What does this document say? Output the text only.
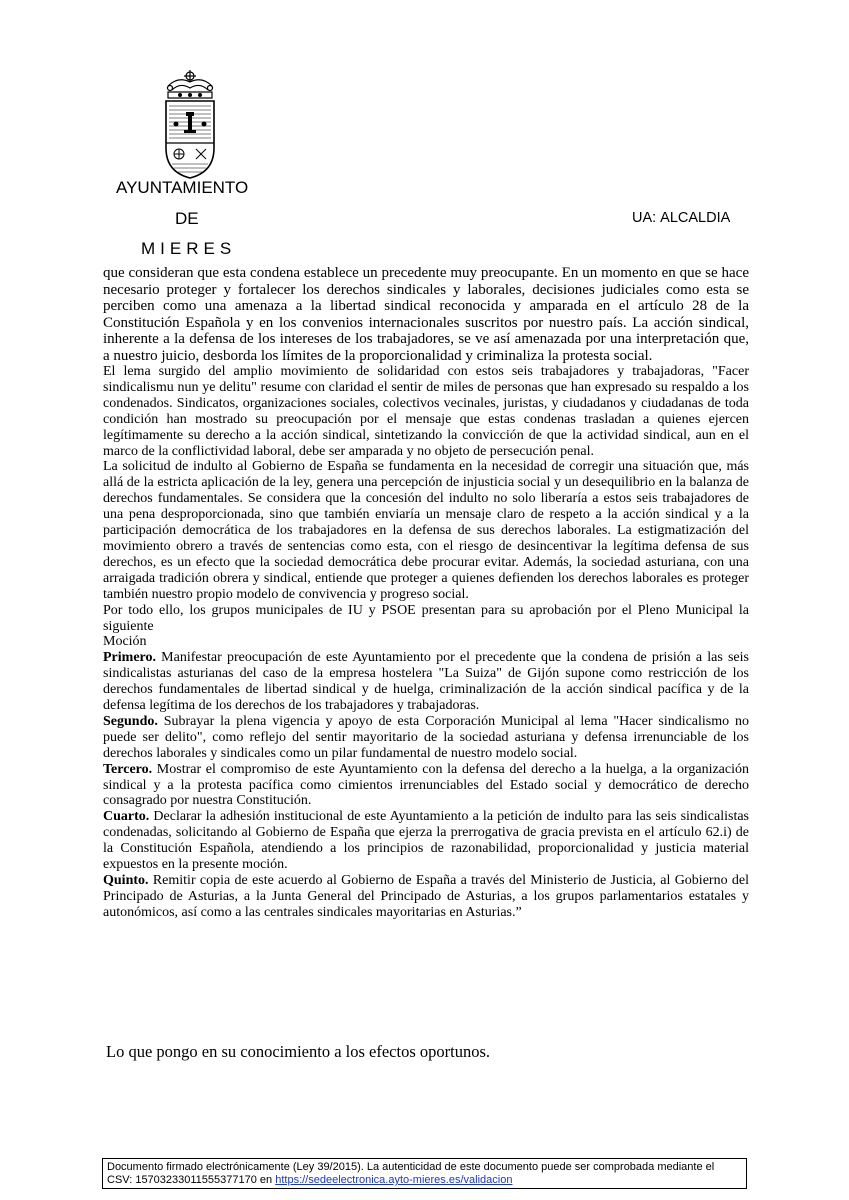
AYUNTAMIENTO
DE
MIERES
UA: ALCALDIA

que consideran que esta condena establece un precedente muy preocupante. En un momento en que se hace necesario proteger y fortalecer los derechos sindicales y laborales, decisiones judiciales como esta se perciben como una amenaza a la libertad sindical reconocida y amparada en el artículo 28 de la Constitución Española y en los convenios internacionales suscritos por nuestro país. La acción sindical, inherente a la defensa de los intereses de los trabajadores, se ve así amenazada por una interpretación que, a nuestro juicio, desborda los límites de la proporcionalidad y criminaliza la protesta social.

El lema surgido del amplio movimiento de solidaridad con estos seis trabajadores y trabajadoras, "Facer sindicalismu nun ye delitu" resume con claridad el sentir de miles de personas que han expresado su respaldo a los condenados. Sindicatos, organizaciones sociales, colectivos vecinales, juristas, y ciudadanos y ciudadanas de toda condición han mostrado su preocupación por el mensaje que estas condenas trasladan a quienes ejercen legítimamente su derecho a la acción sindical, sintetizando la convicción de que la actividad sindical, aun en el marco de la conflictividad laboral, debe ser amparada y no objeto de persecución penal.

La solicitud de indulto al Gobierno de España se fundamenta en la necesidad de corregir una situación que, más allá de la estricta aplicación de la ley, genera una percepción de injusticia social y un desequilibrio en la balanza de derechos fundamentales. Se considera que la concesión del indulto no solo liberaría a estos seis trabajadores de una pena desproporcionada, sino que también enviaría un mensaje claro de respeto a la acción sindical y a la participación democrática de los trabajadores en la defensa de sus derechos laborales. La estigmatización del movimiento obrero a través de sentencias como esta, con el riesgo de desincentivar la legítima defensa de sus derechos, es un efecto que la sociedad democrática debe procurar evitar. Además, la sociedad asturiana, con una arraigada tradición obrera y sindical, entiende que proteger a quienes defienden los derechos laborales es proteger también nuestro propio modelo de convivencia y progreso social.

Por todo ello, los grupos municipales de IU y PSOE presentan para su aprobación por el Pleno Municipal la siguiente

Moción

Primero. Manifestar preocupación de este Ayuntamiento por el precedente que la condena de prisión a las seis sindicalistas asturianas del caso de la empresa hostelera "La Suiza" de Gijón supone como restricción de los derechos fundamentales de libertad sindical y de huelga, criminalización de la acción sindical pacífica y de la defensa legítima de los derechos de los trabajadores y trabajadoras.

Segundo. Subrayar la plena vigencia y apoyo de esta Corporación Municipal al lema "Hacer sindicalismo no puede ser delito", como reflejo del sentir mayoritario de la sociedad asturiana y defensa irrenunciable de los derechos laborales y sindicales como un pilar fundamental de nuestro modelo social.

Tercero. Mostrar el compromiso de este Ayuntamiento con la defensa del derecho a la huelga, a la organización sindical y a la protesta pacífica como cimientos irrenunciables del Estado social y democrático de derecho consagrado por nuestra Constitución.

Cuarto. Declarar la adhesión institucional de este Ayuntamiento a la petición de indulto para las seis sindicalistas condenadas, solicitando al Gobierno de España que ejerza la prerrogativa de gracia prevista en el artículo 62.i) de la Constitución Española, atendiendo a los principios de razonabilidad, proporcionalidad y justicia material expuestos en la presente moción.

Quinto. Remitir copia de este acuerdo al Gobierno de España a través del Ministerio de Justicia, al Gobierno del Principado de Asturias, a la Junta General del Principado de Asturias, a los grupos parlamentarios estatales y autonómicos, así como a las centrales sindicales mayoritarias en Asturias.”

Lo que pongo en su conocimiento a los efectos oportunos.
Documento firmado electrónicamente (Ley 39/2015). La autenticidad de este documento puede ser comprobada mediante el
CSV: 15703233011555377170 en https://sedeelectronica.ayto-mieres.es/validacion
